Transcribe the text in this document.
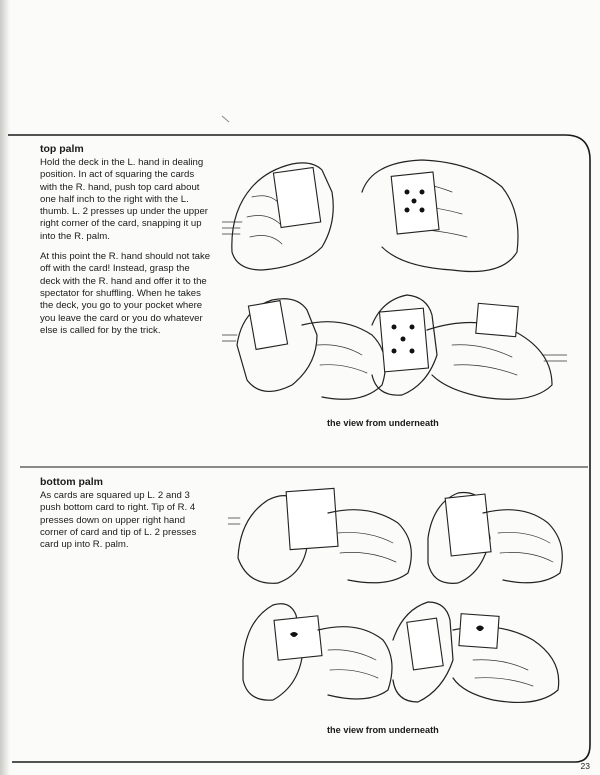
top palm

Hold the deck in the L. hand in dealing position. In act of squaring the cards with the R. hand, push top card about one half inch to the right with the L. thumb. L. 2 presses up under the upper right corner of the card, snapping it up into the R. palm.

At this point the R. hand should not take off with the card! Instead, grasp the deck with the R. hand and offer it to the spectator for shuffling. When he takes the deck, you go to your pocket where you leave the card or you do whatever else is called for by the trick.

the view from underneath
bottom palm

As cards are squared up L. 2 and 3 push bottom card to right. Tip of R. 4 presses down on upper right hand corner of card and tip of L. 2 presses card up into R. palm.

the view from underneath
23
